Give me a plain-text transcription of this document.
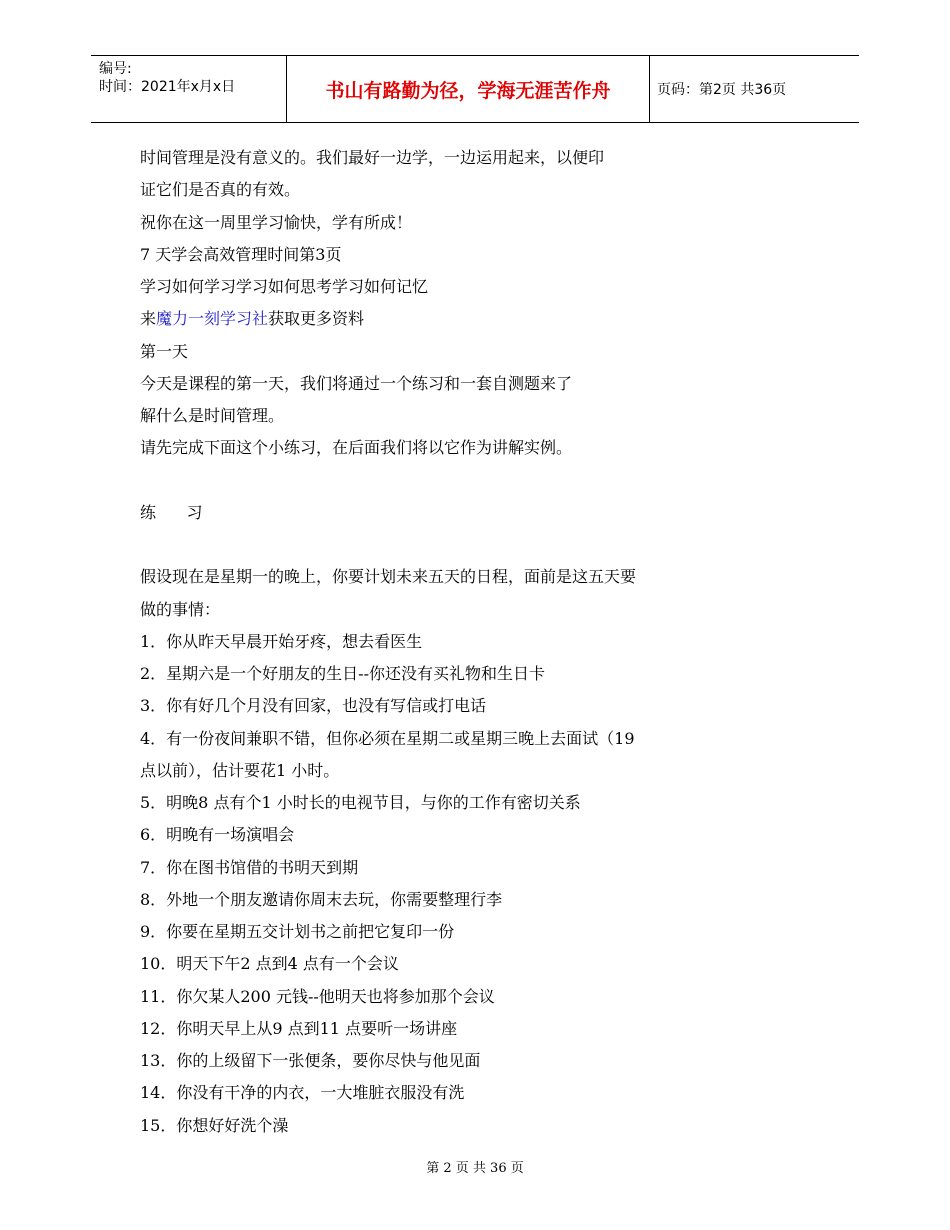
编号:
时间：2021年x月x日	书山有路勤为径，学海无涯苦作舟	页码：第2页 共36页
时间管理是没有意义的。我们最好一边学，一边运用起来，以便印
证它们是否真的有效。
祝你在这一周里学习愉快，学有所成！
7 天学会高效管理时间第3页
学习如何学习学习如何思考学习如何记忆
来魔力一刻学习社获取更多资料
第一天
今天是课程的第一天，我们将通过一个练习和一套自测题来了
解什么是时间管理。
请先完成下面这个小练习，在后面我们将以它作为讲解实例。
练      习
假设现在是星期一的晚上，你要计划未来五天的日程，面前是这五天要
做的事情：
1．你从昨天早晨开始牙疼，想去看医生
2．星期六是一个好朋友的生日--你还没有买礼物和生日卡
3．你有好几个月没有回家，也没有写信或打电话
4．有一份夜间兼职不错，但你必须在星期二或星期三晚上去面试（19
点以前），估计要花1 小时。
5．明晚8 点有个1 小时长的电视节目，与你的工作有密切关系
6．明晚有一场演唱会
7．你在图书馆借的书明天到期
8．外地一个朋友邀请你周末去玩，你需要整理行李
9．你要在星期五交计划书之前把它复印一份
10．明天下午2 点到4 点有一个会议
11．你欠某人200 元钱--他明天也将参加那个会议
12．你明天早上从9 点到11 点要听一场讲座
13．你的上级留下一张便条，要你尽快与他见面
14．你没有干净的内衣，一大堆脏衣服没有洗
15．你想好好洗个澡
第 2 页 共 36 页
